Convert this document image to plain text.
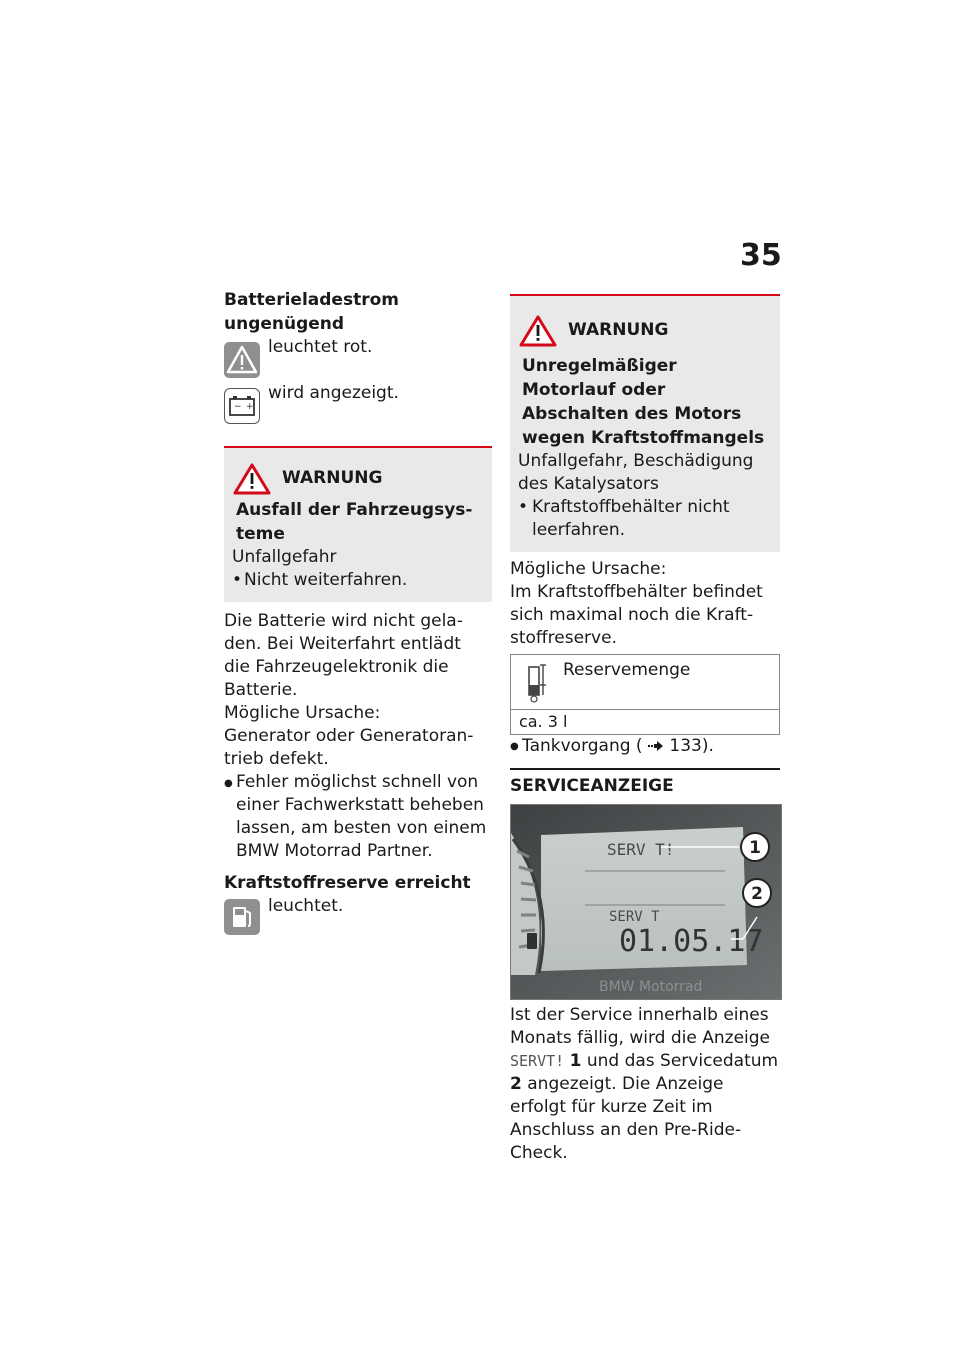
35
Batterieladestrom ungenügend
leuchtet rot.
− +
wird angezeigt.
WARNUNG
Ausfall der Fahrzeugsysteme
Unfallgefahr
• Nicht weiterfahren.
Die Batterie wird nicht geladen. Bei Weiterfahrt entlädt die Fahrzeugelektronik die Batterie.
Mögliche Ursache:
Generator oder Generatorantrieb defekt.
● Fehler möglichst schnell von einer Fachwerkstatt beheben lassen, am besten von einem BMW Motorrad Partner.
Kraftstoffreserve erreicht
leuchtet.
WARNUNG
Unregelmäßiger Motorlauf oder Abschalten des Motors wegen Kraftstoffmangels
Unfallgefahr, Beschädigung des Katalysators
• Kraftstoffbehälter nicht leerfahren.
Mögliche Ursache:
Im Kraftstoffbehälter befindet sich maximal noch die Kraftstoffreserve.
Reservemenge
ca. 3 l
● Tankvorgang ( 133).
SERVICEANZEIGE
SERV T!
SERV T
01.05.17
BMW Motorrad
1
2
Ist der Service innerhalb eines Monats fällig, wird die Anzeige SERVT! 1 und das Servicedatum 2 angezeigt. Die Anzeige erfolgt für kurze Zeit im Anschluss an den Pre-Ride-Check.
